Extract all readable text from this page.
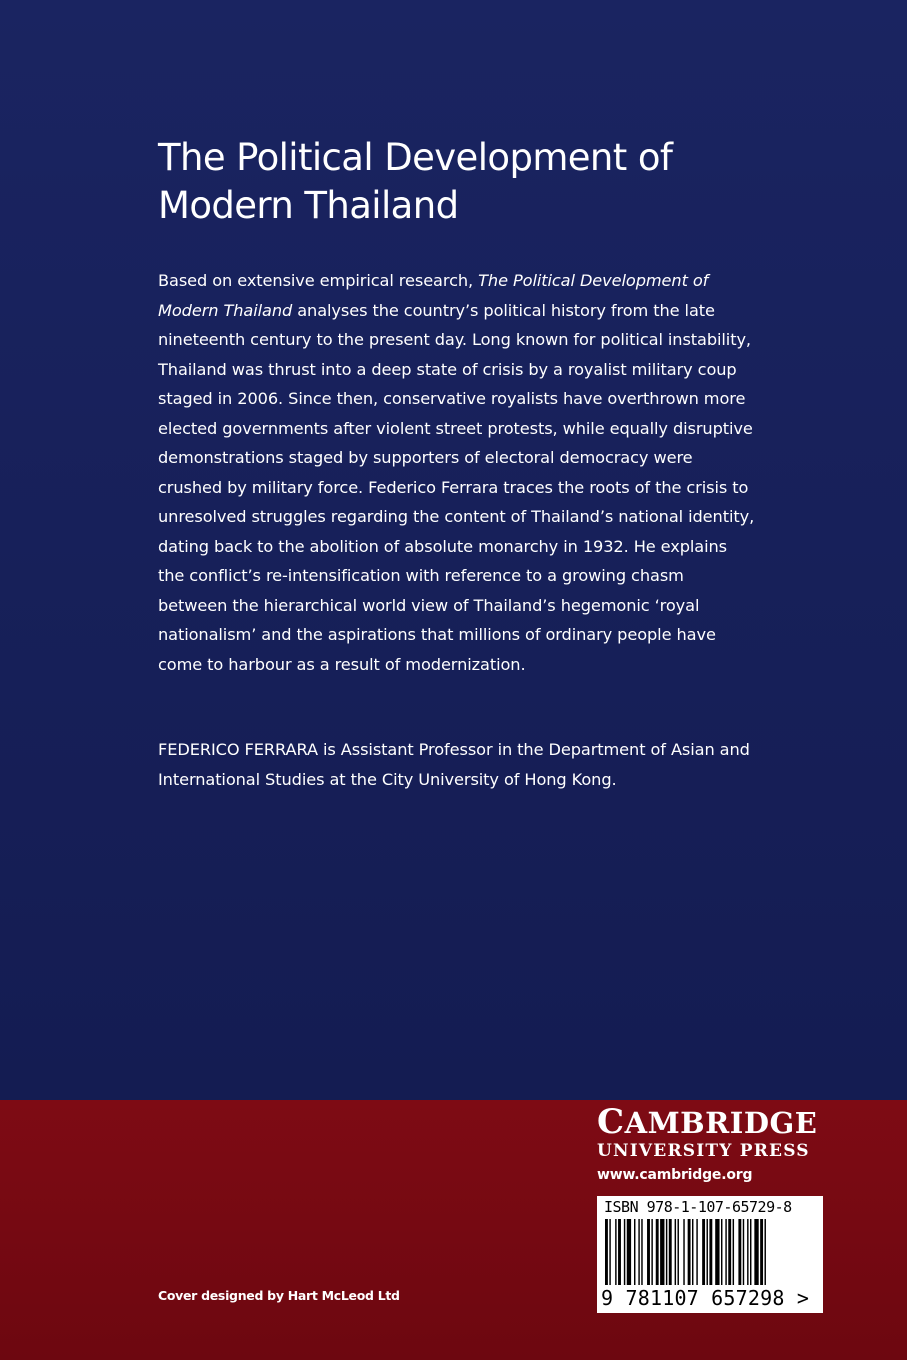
The Political Development of Modern Thailand

Based on extensive empirical research, The Political Development of Modern Thailand analyses the country’s political history from the late nineteenth century to the present day. Long known for political instability, Thailand was thrust into a deep state of crisis by a royalist military coup staged in 2006. Since then, conservative royalists have overthrown more elected governments after violent street protests, while equally disruptive demonstrations staged by supporters of electoral democracy were crushed by military force. Federico Ferrara traces the roots of the crisis to unresolved struggles regarding the content of Thailand’s national identity, dating back to the abolition of absolute monarchy in 1932. He explains the conflict’s re-intensification with reference to a growing chasm between the hierarchical world view of Thailand’s hegemonic ‘royal nationalism’ and the aspirations that millions of ordinary people have come to harbour as a result of modernization.

FEDERICO FERRARA is Assistant Professor in the Department of Asian and International Studies at the City University of Hong Kong.

CAMBRIDGE
UNIVERSITY PRESS
www.cambridge.org
ISBN 978-1-107-65729-8
9 781107 657298 >
Cover designed by Hart McLeod Ltd
